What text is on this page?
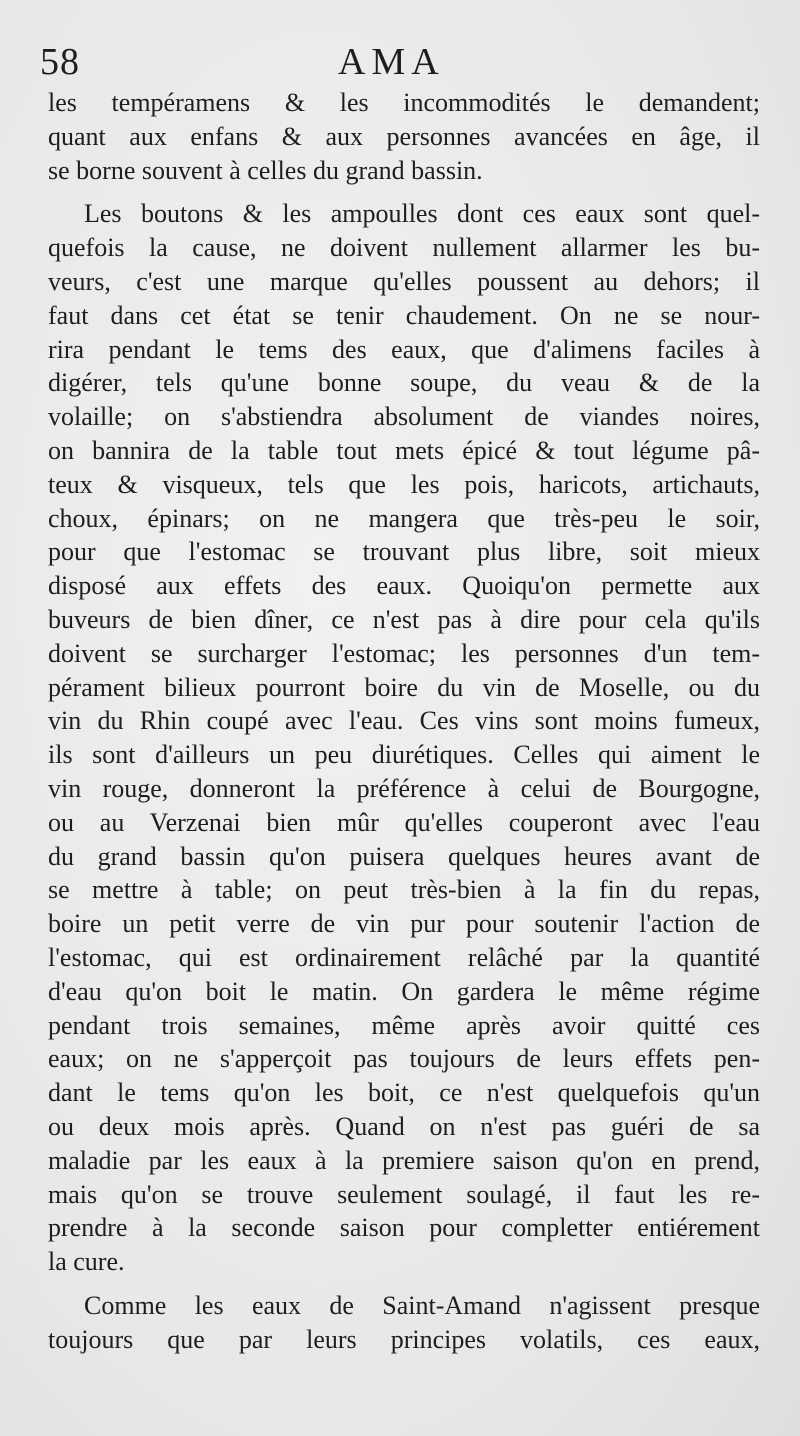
58	AMA
les tempéramens & les incommodités le demandent;
quant aux enfans & aux personnes avancées en âge, il
se borne souvent à celles du grand bassin.
Les boutons & les ampoulles dont ces eaux sont quel-
quefois la cause, ne doivent nullement allarmer les bu-
veurs, c'est une marque qu'elles poussent au dehors; il
faut dans cet état se tenir chaudement. On ne se nour-
rira pendant le tems des eaux, que d'alimens faciles à
digérer, tels qu'une bonne soupe, du veau & de la
volaille; on s'abstiendra absolument de viandes noires,
on bannira de la table tout mets épicé & tout légume pâ-
teux & visqueux, tels que les pois, haricots, artichauts,
choux, épinars; on ne mangera que très-peu le soir,
pour que l'estomac se trouvant plus libre, soit mieux
disposé aux effets des eaux. Quoiqu'on permette aux
buveurs de bien dîner, ce n'est pas à dire pour cela qu'ils
doivent se surcharger l'estomac; les personnes d'un tem-
pérament bilieux pourront boire du vin de Moselle, ou du
vin du Rhin coupé avec l'eau. Ces vins sont moins fumeux,
ils sont d'ailleurs un peu diurétiques. Celles qui aiment le
vin rouge, donneront la préférence à celui de Bourgogne,
ou au Verzenai bien mûr qu'elles couperont avec l'eau
du grand bassin qu'on puisera quelques heures avant de
se mettre à table; on peut très-bien à la fin du repas,
boire un petit verre de vin pur pour soutenir l'action de
l'estomac, qui est ordinairement relâché par la quantité
d'eau qu'on boit le matin. On gardera le même régime
pendant trois semaines, même après avoir quitté ces
eaux; on ne s'apperçoit pas toujours de leurs effets pen-
dant le tems qu'on les boit, ce n'est quelquefois qu'un
ou deux mois après. Quand on n'est pas guéri de sa
maladie par les eaux à la premiere saison qu'on en prend,
mais qu'on se trouve seulement soulagé, il faut les re-
prendre à la seconde saison pour completter entiérement
la cure.
Comme les eaux de Saint-Amand n'agissent presque
toujours que par leurs principes volatils, ces eaux,
